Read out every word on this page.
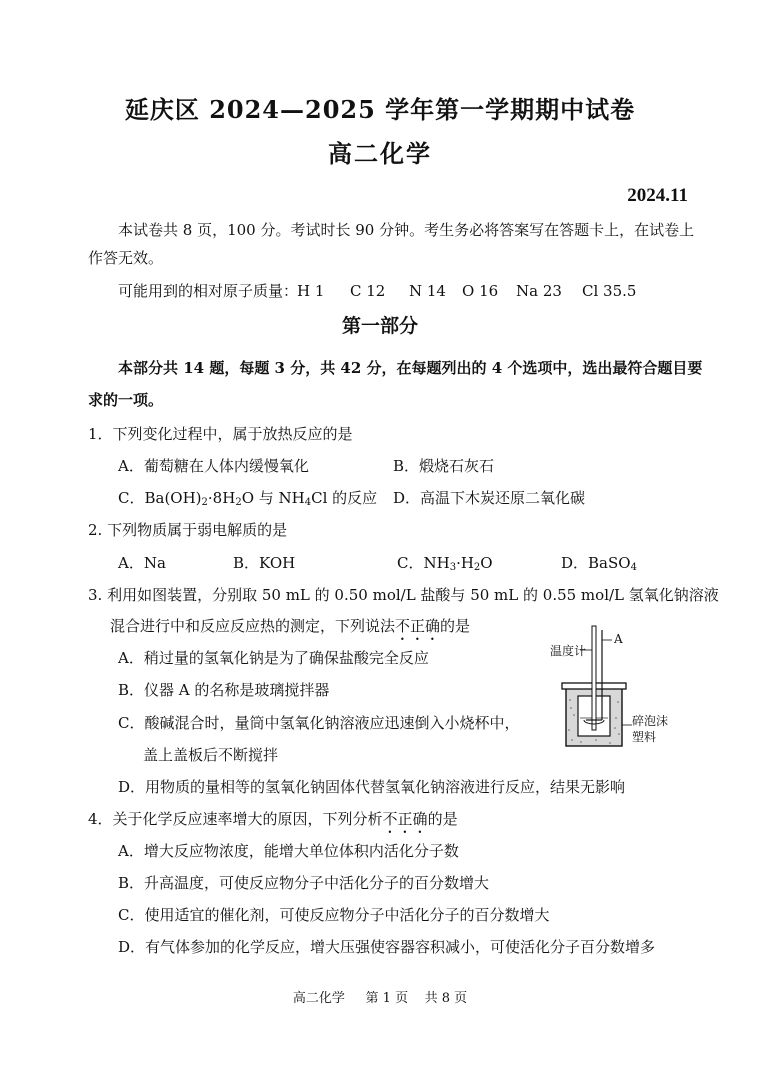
延庆区 2024—2025 学年第一学期期中试卷
高二化学
2024.11
本试卷共 8 页，100 分。考试时长 90 分钟。考生务必将答案写在答题卡上，在试卷上
作答无效。
可能用到的相对原子质量：
H 1 C 12 N 14 O 16 Na 23 Cl 35.5
第一部分
本部分共 14 题，每题 3 分，共 42 分，在每题列出的 4 个选项中，选出最符合题目要
求的一项。
1．下列变化过程中，属于放热反应的是
A．葡萄糖在人体内缓慢氧化	B．煅烧石灰石
C．$Ba(OH)_2\cdot 8H_2O$ 与 $NH_4Cl$ 的反应 D．高温下木炭还原二氧化碳
2. 下列物质属于弱电解质的是
A．Na	B．KOH	C．$NH_3\cdot H_2O$	D．BaSO$_4$
3. 利用如图装置，分别取 50 mL 的 0.50 mol/L 盐酸与 50 mL 的 0.55 mol/L 氢氧化钠溶液
混合进行中和反应反应热的测定，下列说法不正确的是
A．稍过量的氢氧化钠是为了确保盐酸完全反应
B．仪器 A 的名称是玻璃搅拌器
C．酸碱混合时，量筒中氢氧化钠溶液应迅速倒入小烧杯中，
盖上盖板后不断搅拌
D．用物质的量相等的氢氧化钠固体代替氢氧化钠溶液进行反应，结果无影响
温度计
A
碎泡沫
塑料
4．关于化学反应速率增大的原因，下列分析不正确的是
A．增大反应物浓度，能增大单位体积内活化分子数
B．升高温度，可使反应物分子中活化分子的百分数增大
C．使用适宜的催化剂，可使反应物分子中活化分子的百分数增大
D．有气体参加的化学反应，增大压强使容器容积减小，可使活化分子百分数增多
高二化学 第 1 页 共 8 页
